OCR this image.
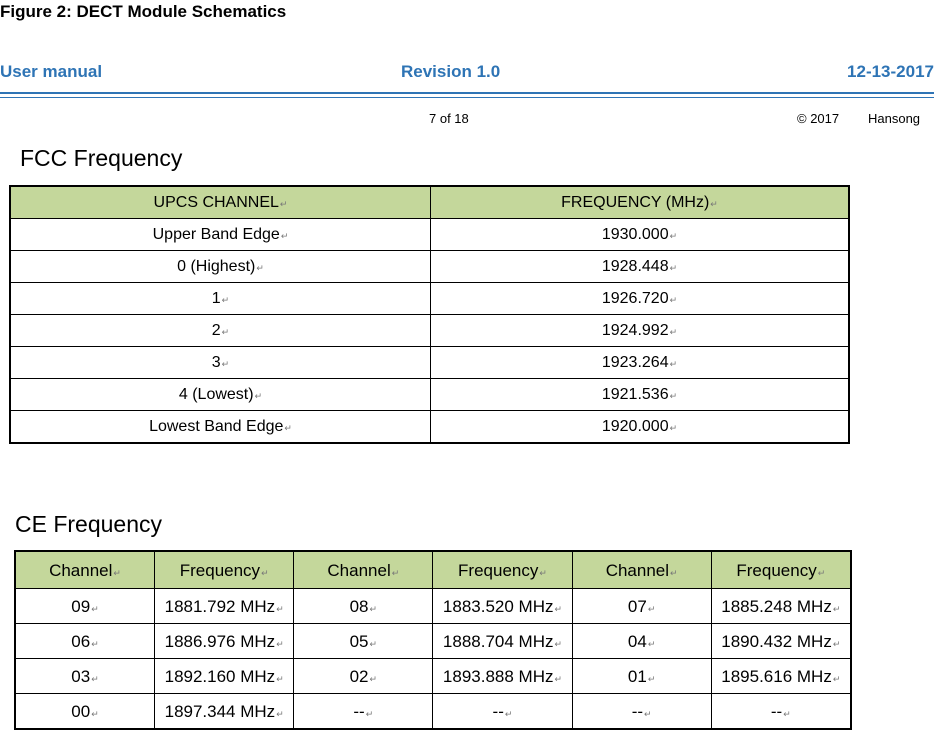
Figure 2: DECT Module Schematics
User manual	Revision 1.0	12-13-2017
7 of 18	© 2017 Hansong
FCC Frequency
UPCS CHANNEL↵	FREQUENCY (MHz)↵
Upper Band Edge↵	1930.000↵
0 (Highest)↵	1928.448↵
1↵	1926.720↵
2↵	1924.992↵
3↵	1923.264↵
4 (Lowest)↵	1921.536↵
Lowest Band Edge↵	1920.000↵
CE Frequency
Channel↵	Frequency↵	Channel↵	Frequency↵	Channel↵	Frequency↵
09↵	1881.792 MHz↵	08↵	1883.520 MHz↵	07↵	1885.248 MHz↵
06↵	1886.976 MHz↵	05↵	1888.704 MHz↵	04↵	1890.432 MHz↵
03↵	1892.160 MHz↵	02↵	1893.888 MHz↵	01↵	1895.616 MHz↵
00↵	1897.344 MHz↵	--↵	--↵	--↵	--↵
